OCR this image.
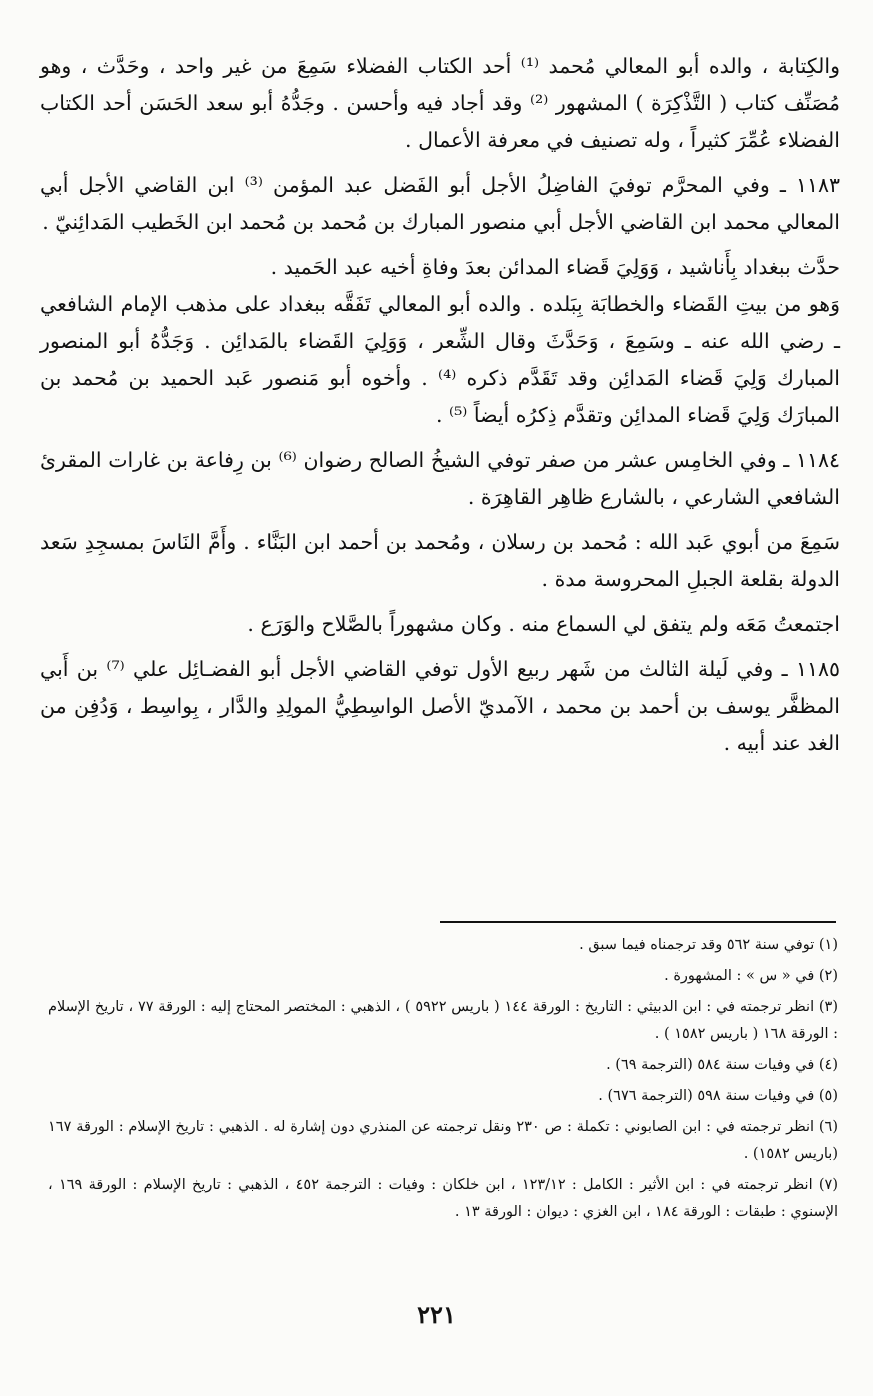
والكِتابة ، والده أبو المعالي مُحمد ⁽¹⁾ أحد الكتاب الفضلاء سَمِعَ من غير واحد ، وحَدَّث ، وهو مُصَنِّف كتاب ( التَّذْكِرَة ) المشهور ⁽²⁾ وقد أجاد فيه وأحسن . وجَدُّهُ أبو سعد الحَسَن أحد الكتاب الفضلاء عُمِّرَ كثيراً ، وله تصنيف في معرفة الأعمال .

١١٨٣ ـ وفي المحرَّم توفيَ الفاضِلُ الأجل أبو الفَضل عبد المؤمن ⁽³⁾ ابن القاضي الأجل أبي المعالي محمد ابن القاضي الأجل أبي منصور المبارك بن مُحمد بن مُحمد ابن الخَطيب المَدائِنيّ .

حدَّث ببغداد بِأَناشيد ، وَوَلِيَ قَضاء المدائن بعدَ وفاةِ أخيه عبد الحَميد .

وَهو من بيتِ القَضاء والخطابَة بِبَلده . والده أبو المعالي تَفَقَّه ببغداد على مذهب الإمام الشافعي ـ رضي الله عنه ـ وسَمِعَ ، وَحَدَّثَ وقال الشِّعر ، وَوَلِيَ القَضاء بالمَدائِن . وَجَدُّهُ أبو المنصور المبارك وَلِيَ قَضاء المَدائِن وقد تَقَدَّم ذكره ⁽⁴⁾ . وأخوه أبو مَنصور عَبد الحميد بن مُحمد بن المبارَك وَلِيَ قَضاء المدائِن وتقدَّم ذِكرُه أيضاً ⁽⁵⁾ .

١١٨٤ ـ وفي الخامِس عشر من صفر توفي الشيخُ الصالح رضوان ⁽⁶⁾ بن رِفاعة بن غارات المقرئ الشافعي الشارعي ، بالشارع ظاهِر القاهِرَة .

سَمِعَ من أبوي عَبد الله : مُحمد بن رسلان ، ومُحمد بن أحمد ابن البَنَّاء . وأَمَّ النَاسَ بمسجِدِ سَعد الدولة بقلعة الجبلِ المحروسة مدة .

اجتمعتُ مَعَه ولم يتفق لي السماع منه . وكان مشهوراً بالصَّلاح والوَرَع .

١١٨٥ ـ وفي لَيلة الثالث من شَهر ربيع الأول توفي القاضي الأجل أبو الفضـائِل علي ⁽⁷⁾ بن أَبي المظفَّر يوسف بن أحمد بن محمد ، الآمديّ الأصل الواسِطِيُّ المولِدِ والدَّار ، بِواسِط ، وَدُفِن من الغد عند أبيه .

(١) توفي سنة ٥٦٢ وقد ترجمناه فيما سبق .

(٢) في « س » : المشهورة .

(٣) انظر ترجمته في : ابن الدبيثي : التاريخ : الورقة ١٤٤ ( باريس ٥٩٢٢ ) ، الذهبي : المختصر المحتاج إليه : الورقة ٧٧ ، تاريخ الإسلام : الورقة ١٦٨ ( باريس ١٥٨٢ ) .

(٤) في وفيات سنة ٥٨٤ (الترجمة ٦٩) .

(٥) في وفيات سنة ٥٩٨ (الترجمة ٦٧٦) .

(٦) انظر ترجمته في : ابن الصابوني : تكملة : ص ٢٣٠ ونقل ترجمته عن المنذري دون إشارة له . الذهبي : تاريخ الإسلام : الورقة ١٦٧ (باريس ١٥٨٢) .

(٧) انظر ترجمته في : ابن الأثير : الكامل : ١٢٣/١٢ ، ابن خلكان : وفيات : الترجمة ٤٥٢ ، الذهبي : تاريخ الإسلام : الورقة ١٦٩ ، الإسنوي : طبقات : الورقة ١٨٤ ، ابن الغزي : ديوان : الورقة ١٣ .

٢٢١
